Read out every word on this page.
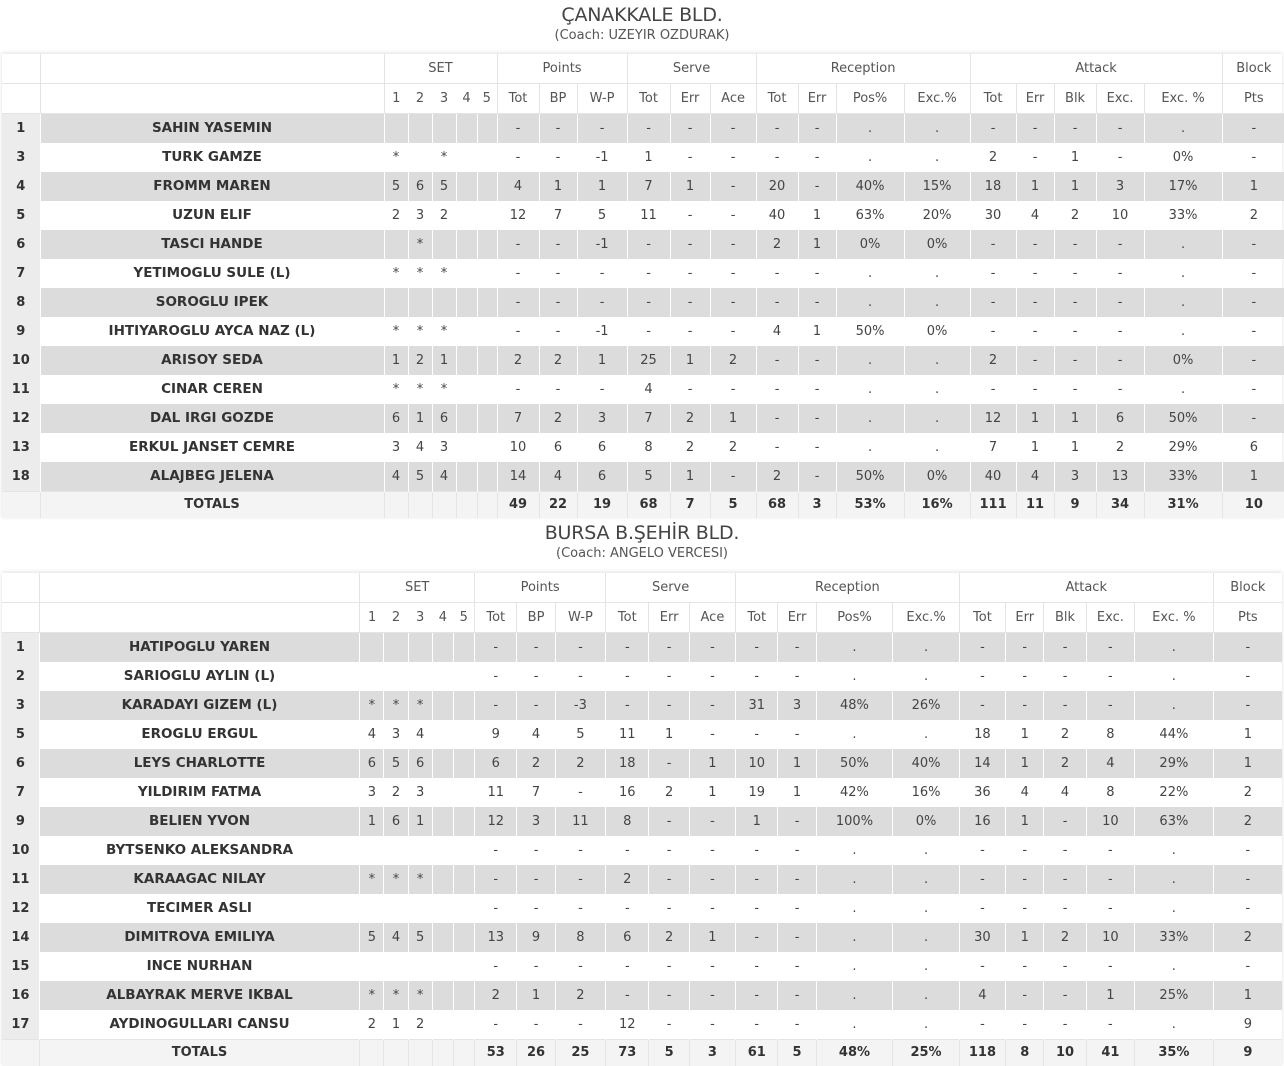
ÇANAKKALE BLD.
(Coach: UZEYIR OZDURAK)
		SET					Points			Serve			Reception				Attack					Block
		1	2	3	4	5	Tot	BP	W-P	Tot	Err	Ace	Tot	Err	Pos%	Exc.%	Tot	Err	Blk	Exc.	Exc. %	Pts
1	SAHIN YASEMIN						-	-	-	-	-	-	-	-	.	.	-	-	-	-	.	-
3	TURK GAMZE	*		*			-	-	-1	1	-	-	-	-	.	.	2	-	1	-	0%	-
4	FROMM MAREN	5	6	5			4	1	1	7	1	-	20	-	40%	15%	18	1	1	3	17%	1
5	UZUN ELIF	2	3	2			12	7	5	11	-	-	40	1	63%	20%	30	4	2	10	33%	2
6	TASCI HANDE		*				-	-	-1	-	-	-	2	1	0%	0%	-	-	-	-	.	-
7	YETIMOGLU SULE (L)	*	*	*			-	-	-	-	-	-	-	-	.	.	-	-	-	-	.	-
8	SOROGLU IPEK						-	-	-	-	-	-	-	-	.	.	-	-	-	-	.	-
9	IHTIYAROGLU AYCA NAZ (L)	*	*	*			-	-	-1	-	-	-	4	1	50%	0%	-	-	-	-	.	-
10	ARISOY SEDA	1	2	1			2	2	1	25	1	2	-	-	.	.	2	-	-	-	0%	-
11	CINAR CEREN	*	*	*			-	-	-	4	-	-	-	-	.	.	-	-	-	-	.	-
12	DAL IRGI GOZDE	6	1	6			7	2	3	7	2	1	-	-	.	.	12	1	1	6	50%	-
13	ERKUL JANSET CEMRE	3	4	3			10	6	6	8	2	2	-	-	.	.	7	1	1	2	29%	6
18	ALAJBEG JELENA	4	5	4			14	4	6	5	1	-	2	-	50%	0%	40	4	3	13	33%	1
	TOTALS						49	22	19	68	7	5	68	3	53%	16%	111	11	9	34	31%	10
BURSA B.ŞEHİR BLD.
(Coach: ANGELO VERCESI)
		SET					Points			Serve			Reception				Attack					Block
		1	2	3	4	5	Tot	BP	W-P	Tot	Err	Ace	Tot	Err	Pos%	Exc.%	Tot	Err	Blk	Exc.	Exc. %	Pts
1	HATIPOGLU YAREN						-	-	-	-	-	-	-	-	.	.	-	-	-	-	.	-
2	SARIOGLU AYLIN (L)						-	-	-	-	-	-	-	-	.	.	-	-	-	-	.	-
3	KARADAYI GIZEM (L)	*	*	*			-	-	-3	-	-	-	31	3	48%	26%	-	-	-	-	.	-
5	EROGLU ERGUL	4	3	4			9	4	5	11	1	-	-	-	.	.	18	1	2	8	44%	1
6	LEYS CHARLOTTE	6	5	6			6	2	2	18	-	1	10	1	50%	40%	14	1	2	4	29%	1
7	YILDIRIM FATMA	3	2	3			11	7	-	16	2	1	19	1	42%	16%	36	4	4	8	22%	2
9	BELIEN YVON	1	6	1			12	3	11	8	-	-	1	-	100%	0%	16	1	-	10	63%	2
10	BYTSENKO ALEKSANDRA						-	-	-	-	-	-	-	-	.	.	-	-	-	-	.	-
11	KARAAGAC NILAY	*	*	*			-	-	-	2	-	-	-	-	.	.	-	-	-	-	.	-
12	TECIMER ASLI						-	-	-	-	-	-	-	-	.	.	-	-	-	-	.	-
14	DIMITROVA EMILIYA	5	4	5			13	9	8	6	2	1	-	-	.	.	30	1	2	10	33%	2
15	INCE NURHAN						-	-	-	-	-	-	-	-	.	.	-	-	-	-	.	-
16	ALBAYRAK MERVE IKBAL	*	*	*			2	1	2	-	-	-	-	-	.	.	4	-	-	1	25%	1
17	AYDINOGULLARI CANSU	2	1	2			-	-	-	12	-	-	-	-	.	.	-	-	-	-	.	9
	TOTALS						53	26	25	73	5	3	61	5	48%	25%	118	8	10	41	35%	9
